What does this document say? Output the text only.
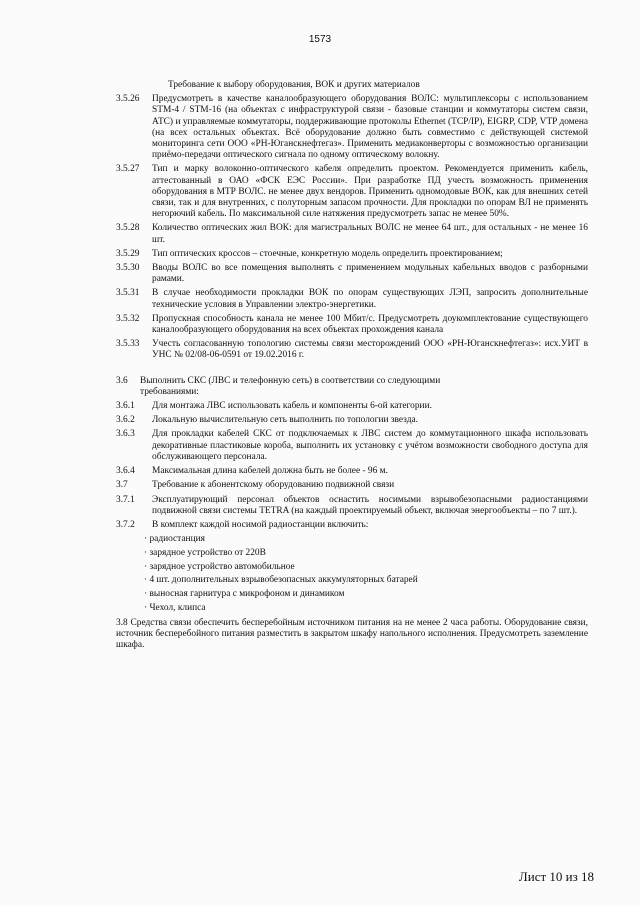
1573
Требование к выбору оборудования, ВОК и других материалов
3.5.26	Предусмотреть в качестве каналообразующего оборудования ВОЛС: мультиплексоры с использованием STM-4 / STM-16 (на объектах с инфраструктурой связи - базовые станции и коммутаторы систем связи, АТС) и управляемые коммутаторы, поддерживающие протоколы Ethernet (TCP/IP), EIGRP, CDP, VTP домена (на всех остальных объектах. Всё оборудование должно быть совместимо с действующей системой мониторинга сети ООО «РН-Юганскнефтегаз». Применить медиаконверторы с возможностью организации приёмо-передачи оптического сигнала по одному оптическому волокну.
3.5.27	Тип и марку волоконно-оптического кабеля определить проектом. Рекомендуется применить кабель, аттестованный в ОАО «ФСК ЕЭС России». При разработке ПД учесть возможность применения оборудования в МТР ВОЛС. не менее двух вендоров. Применить одномодовые ВОК, как для внешних сетей связи, так и для внутренних, с полуторным запасом прочности. Для прокладки по опорам ВЛ не применять негорючий кабель. По максимальной силе натяжения предусмотреть запас не менее 50%.
3.5.28	Количество оптических жил ВОК: для магистральных ВОЛС не менее 64 шт., для остальных - не менее 16 шт.
3.5.29	Тип оптических кроссов – стоечные, конкретную модель определить проектированием;
3.5.30	Вводы ВОЛС во все помещения выполнять с применением модульных кабельных вводов с разборными рамами.
3.5.31	В случае необходимости прокладки ВОК по опорам существующих ЛЭП, запросить дополнительные технические условия в Управлении электро-энергетики.
3.5.32	Пропускная способность канала не менее 100 Мбит/с. Предусмотреть доукомплектование существующего каналообразующего оборудования на всех объектах прохождения канала
3.5.33	Учесть согласованную топологию системы связи месторождений ООО «РН-Юганскнефтегаз»: исх.УИТ в УНС № 02/08-06-0591 от 19.02.2016 г.
3.6	Выполнить СКС (ЛВС и телефонную сеть) в соответствии со следующими
требованиями:
3.6.1	Для монтажа ЛВС использовать кабель и компоненты 6-ой категории.
3.6.2	Локальную вычислительную сеть выполнить по топологии звезда.
3.6.3	Для прокладки кабелей СКС от подключаемых к ЛВС систем до коммутационного шкафа использовать декоративные пластиковые короба, выполнить их установку с учётом возможности свободного доступа для обслуживающего персонала.
3.6.4	Максимальная длина кабелей должна быть не более - 96 м.
3.7	Требование к абонентскому оборудованию подвижной связи
3.7.1	Эксплуатирующий персонал объектов оснастить носимыми взрывобезопасными радиостанциями подвижной связи системы TETRA (на каждый проектируемый объект, включая энергообъекты – по 7 шт.).
3.7.2	В комплект каждой носимой радиостанции включить:
· радиостанция
· зарядное устройство от 220В
· зарядное устройство автомобильное
· 4 шт. дополнительных взрывобезопасных аккумуляторных батарей
· выносная гарнитура с микрофоном и динамиком
· Чехол, клипса
3.8 Средства связи обеспечить бесперебойным источником питания на не менее 2 часа работы. Оборудование связи, источник бесперебойного питания разместить в закрытом шкафу напольного исполнения. Предусмотреть заземление шкафа.
Лист 10 из 18
